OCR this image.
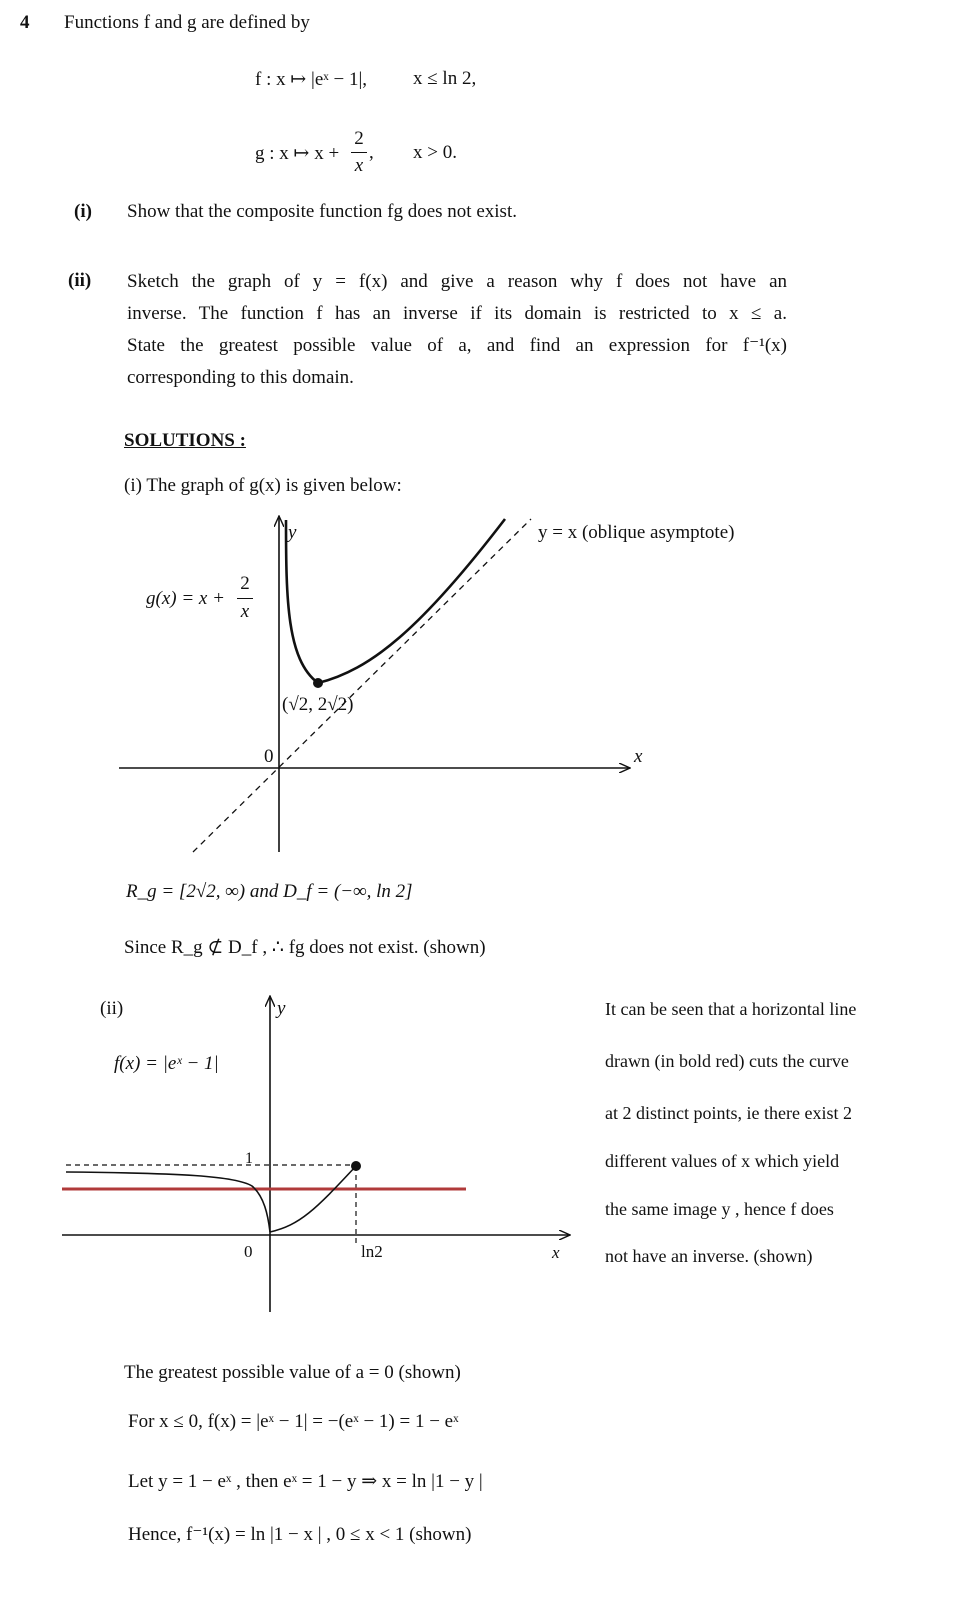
4 Functions f and g are defined by
f : x ↦ |eˣ − 1|, x ≤ ln 2,
g : x ↦ x +
2
x
, x > 0.
(i) Show that the composite function fg does not exist.
(ii) Sketch the graph of y = f(x) and give a reason why f does not have an
inverse. The function f has an inverse if its domain is restricted to x ≤ a.
State the greatest possible value of a, and find an expression for f⁻¹(x)
corresponding to this domain.
SOLUTIONS :
(i) The graph of g(x) is given below:
y
x
0
y = x (oblique asymptote)
g(x) = x +
2
x
(√2, 2√2)
R_g = [2√2, ∞) and D_f = (−∞, ln 2]
Since R_g ⊄ D_f , ∴ fg does not exist. (shown)
(ii)	y
f(x) = |eˣ − 1|
1
0	ln2	x
It can be seen that a horizontal line
drawn (in bold red) cuts the curve
at 2 distinct points, ie there exist 2
different values of x which yield
the same image y , hence f does
not have an inverse. (shown)
The greatest possible value of a = 0 (shown)
For x ≤ 0, f(x) = |eˣ − 1| = −(eˣ − 1) = 1 − eˣ
Let y = 1 − eˣ , then eˣ = 1 − y ⇒ x = ln |1 − y |
Hence, f⁻¹(x) = ln |1 − x | , 0 ≤ x < 1 (shown)
